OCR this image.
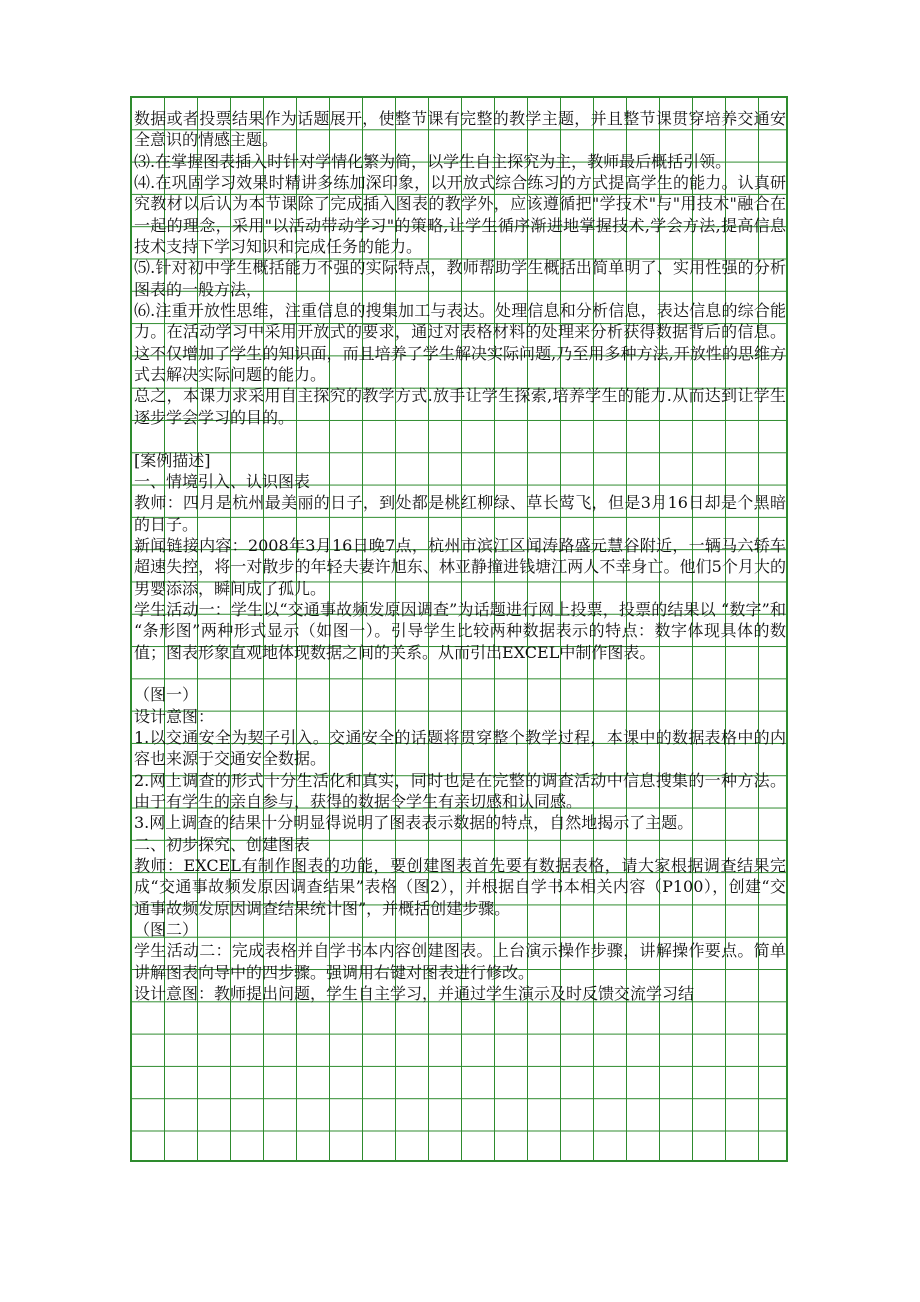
数据或者投票结果作为话题展开，使整节课有完整的教学主题，并且整节课贯穿培养交通安全意识的情感主题。

⑶.在掌握图表插入时针对学情化繁为简，以学生自主探究为主，教师最后概括引领。

⑷.在巩固学习效果时精讲多练加深印象，以开放式综合练习的方式提高学生的能力。认真研究教材以后认为本节课除了完成插入图表的教学外，应该遵循把"学技术"与"用技术"融合在一起的理念，采用"以活动带动学习"的策略,让学生循序渐进地掌握技术,学会方法,提高信息技术支持下学习知识和完成任务的能力。

⑸.针对初中学生概括能力不强的实际特点，教师帮助学生概括出简单明了、实用性强的分析图表的一般方法，

⑹.注重开放性思维，注重信息的搜集加工与表达。处理信息和分析信息，表达信息的综合能力。在活动学习中采用开放式的要求，通过对表格材料的处理来分析获得数据背后的信息。这不仅增加了学生的知识面，而且培养了学生解决实际问题,乃至用多种方法,开放性的思维方式去解决实际问题的能力。

总之，本课力求采用自主探究的教学方式.放手让学生探索,培养学生的能力.从而达到让学生逐步学会学习的目的。

[案例描述]

一、情境引入、认识图表

教师：四月是杭州最美丽的日子，到处都是桃红柳绿、草长莺飞，但是3月16日却是个黑暗的日子。

新闻链接内容：2008年3月16日晚7点，杭州市滨江区闻涛路盛元慧谷附近，一辆马六轿车超速失控，将一对散步的年轻夫妻许旭东、林亚静撞进钱塘江两人不幸身亡。他们5个月大的男婴添添，瞬间成了孤儿。

学生活动一：学生以“交通事故频发原因调查”为话题进行网上投票，投票的结果以 “数字”和 “条形图”两种形式显示（如图一）。引导学生比较两种数据表示的特点：数字体现具体的数值；图表形象直观地体现数据之间的关系。从而引出EXCEL中制作图表。

（图一）

设计意图：

1.以交通安全为契子引入。交通安全的话题将贯穿整个教学过程，本课中的数据表格中的内容也来源于交通安全数据。

2.网上调查的形式十分生活化和真实，同时也是在完整的调查活动中信息搜集的一种方法。由于有学生的亲自参与，获得的数据令学生有亲切感和认同感。

3.网上调查的结果十分明显得说明了图表表示数据的特点，自然地揭示了主题。

二、初步探究、创建图表

教师：EXCEL有制作图表的功能，要创建图表首先要有数据表格，请大家根据调查结果完成“交通事故频发原因调查结果”表格（图2），并根据自学书本相关内容（P100），创建“交通事故频发原因调查结果统计图”，并概括创建步骤。

（图二）

学生活动二：完成表格并自学书本内容创建图表。上台演示操作步骤，讲解操作要点。简单讲解图表向导中的四步骤。强调用右键对图表进行修改。

设计意图：教师提出问题，学生自主学习，并通过学生演示及时反馈交流学习结
